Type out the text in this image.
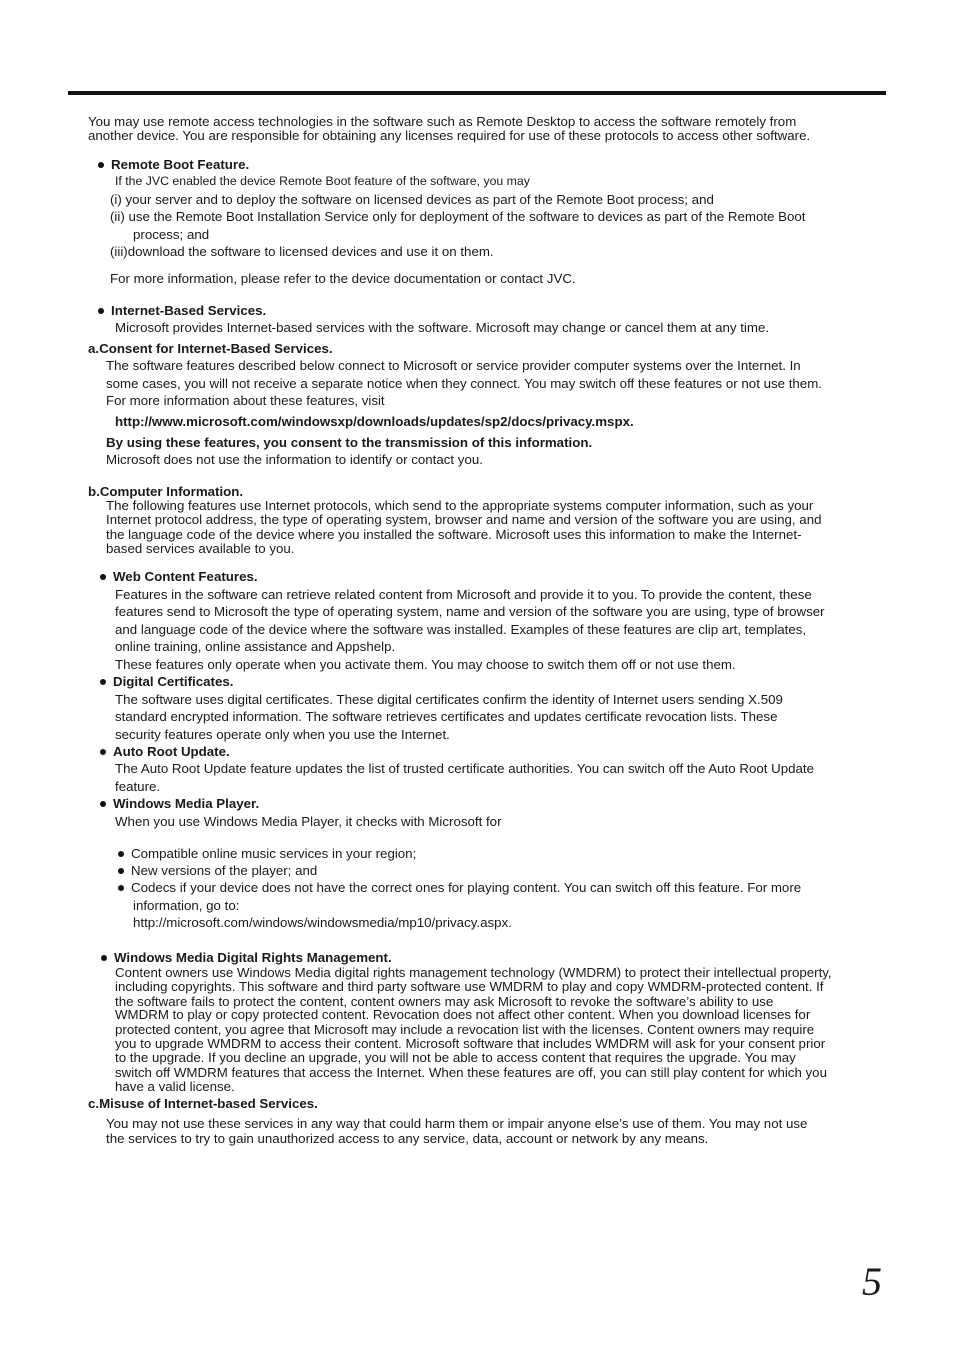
You may use remote access technologies in the software such as Remote Desktop to access the software remotely from
another device. You are responsible for obtaining any licenses required for use of these protocols to access other software.
Remote Boot Feature.
If the JVC enabled the device Remote Boot feature of the software, you may
(i) your server and to deploy the software on licensed devices as part of the Remote Boot process; and
(ii) use the Remote Boot Installation Service only for deployment of the software to devices as part of the Remote Boot
process; and
(iii)download the software to licensed devices and use it on them.
For more information, please refer to the device documentation or contact JVC.
Internet-Based Services.
Microsoft provides Internet-based services with the software. Microsoft may change or cancel them at any time.
a.Consent for Internet-Based Services.
The software features described below connect to Microsoft or service provider computer systems over the Internet. In
some cases, you will not receive a separate notice when they connect. You may switch off these features or not use them.
For more information about these features, visit
http://www.microsoft.com/windowsxp/downloads/updates/sp2/docs/privacy.mspx.
By using these features, you consent to the transmission of this information.
Microsoft does not use the information to identify or contact you.
b.Computer Information.
The following features use Internet protocols, which send to the appropriate systems computer information, such as your
Internet protocol address, the type of operating system, browser and name and version of the software you are using, and
the language code of the device where you installed the software. Microsoft uses this information to make the Internet-
based services available to you.
Web Content Features.
Features in the software can retrieve related content from Microsoft and provide it to you. To provide the content, these
features send to Microsoft the type of operating system, name and version of the software you are using, type of browser
and language code of the device where the software was installed. Examples of these features are clip art, templates,
online training, online assistance and Appshelp.
These features only operate when you activate them. You may choose to switch them off or not use them.
Digital Certificates.
The software uses digital certificates. These digital certificates confirm the identity of Internet users sending X.509
standard encrypted information. The software retrieves certificates and updates certificate revocation lists. These
security features operate only when you use the Internet.
Auto Root Update.
The Auto Root Update feature updates the list of trusted certificate authorities. You can switch off the Auto Root Update
feature.
Windows Media Player.
When you use Windows Media Player, it checks with Microsoft for
Compatible online music services in your region;
New versions of the player; and
Codecs if your device does not have the correct ones for playing content. You can switch off this feature. For more
information, go to:
http://microsoft.com/windows/windowsmedia/mp10/privacy.aspx.
Windows Media Digital Rights Management.
Content owners use Windows Media digital rights management technology (WMDRM) to protect their intellectual property,
including copyrights. This software and third party software use WMDRM to play and copy WMDRM-protected content. If
the software fails to protect the content, content owners may ask Microsoft to revoke the software’s ability to use
WMDRM to play or copy protected content. Revocation does not affect other content. When you download licenses for
protected content, you agree that Microsoft may include a revocation list with the licenses. Content owners may require
you to upgrade WMDRM to access their content. Microsoft software that includes WMDRM will ask for your consent prior
to the upgrade. If you decline an upgrade, you will not be able to access content that requires the upgrade. You may
switch off WMDRM features that access the Internet. When these features are off, you can still play content for which you
have a valid license.
c.Misuse of Internet-based Services.
You may not use these services in any way that could harm them or impair anyone else’s use of them. You may not use
the services to try to gain unauthorized access to any service, data, account or network by any means.
5
